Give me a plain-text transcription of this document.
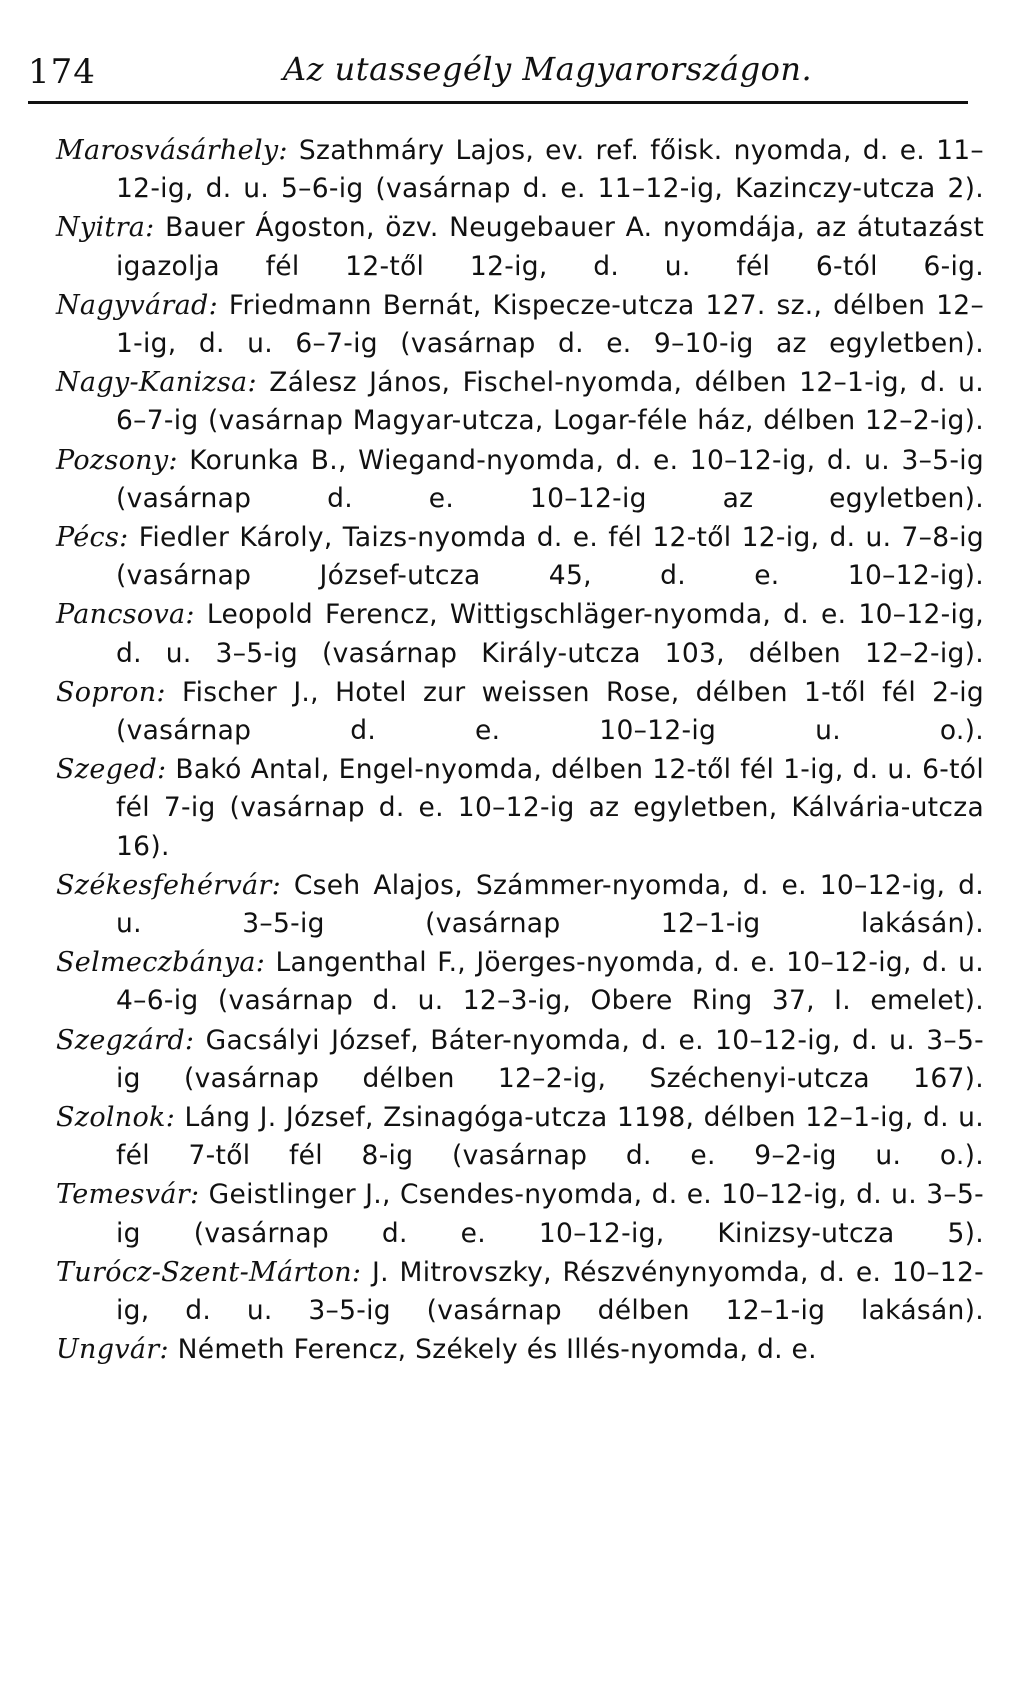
174	Az utassegély Magyarországon.

Marosvásárhely: Szathmáry Lajos, ev. ref. főisk. nyomda, d. e. 11–12-ig, d. u. 5–6-ig (vasárnap d. e. 11–12-ig, Kazinczy-utcza 2).

Nyitra: Bauer Ágoston, özv. Neugebauer A. nyomdája, az átutazást igazolja fél 12-től 12-ig, d. u. fél 6-tól 6-ig.

Nagyvárad: Friedmann Bernát, Kispecze-utcza 127. sz., délben 12–1-ig, d. u. 6–7-ig (vasárnap d. e. 9–10-ig az egyletben).

Nagy-Kanizsa: Zálesz János, Fischel-nyomda, délben 12–1-ig, d. u. 6–7-ig (vasárnap Magyar-utcza, Logar-féle ház, délben 12–2-ig).

Pozsony: Korunka B., Wiegand-nyomda, d. e. 10–12-ig, d. u. 3–5-ig (vasárnap d. e. 10–12-ig az egyletben).

Pécs: Fiedler Károly, Taizs-nyomda d. e. fél 12-től 12-ig, d. u. 7–8-ig (vasárnap József-utcza 45, d. e. 10–12-ig).

Pancsova: Leopold Ferencz, Wittigschläger-nyomda, d. e. 10–12-ig, d. u. 3–5-ig (vasárnap Király-utcza 103, délben 12–2-ig).

Sopron: Fischer J., Hotel zur weissen Rose, délben 1-től fél 2-ig (vasárnap d. e. 10–12-ig u. o.).

Szeged: Bakó Antal, Engel-nyomda, délben 12-től fél 1-ig, d. u. 6-tól fél 7-ig (vasárnap d. e. 10–12-ig az egyletben, Kálvária-utcza 16).

Székesfehérvár: Cseh Alajos, Számmer-nyomda, d. e. 10–12-ig, d. u. 3–5-ig (vasárnap 12–1-ig lakásán).

Selmeczbánya: Langenthal F., Jöerges-nyomda, d. e. 10–12-ig, d. u. 4–6-ig (vasárnap d. u. 12–3-ig, Obere Ring 37, I. emelet).

Szegzárd: Gacsályi József, Báter-nyomda, d. e. 10–12-ig, d. u. 3–5-ig (vasárnap délben 12–2-ig, Széchenyi-utcza 167).

Szolnok: Láng J. József, Zsinagóga-utcza 1198, délben 12–1-ig, d. u. fél 7-től fél 8-ig (vasárnap d. e. 9–2-ig u. o.).

Temesvár: Geistlinger J., Csendes-nyomda, d. e. 10–12-ig, d. u. 3–5-ig (vasárnap d. e. 10–12-ig, Kinizsy-utcza 5).

Turócz-Szent-Márton: J. Mitrovszky, Részvénynyomda, d. e. 10–12-ig, d. u. 3–5-ig (vasárnap délben 12–1-ig lakásán).

Ungvár: Németh Ferencz, Székely és Illés-nyomda, d. e.
